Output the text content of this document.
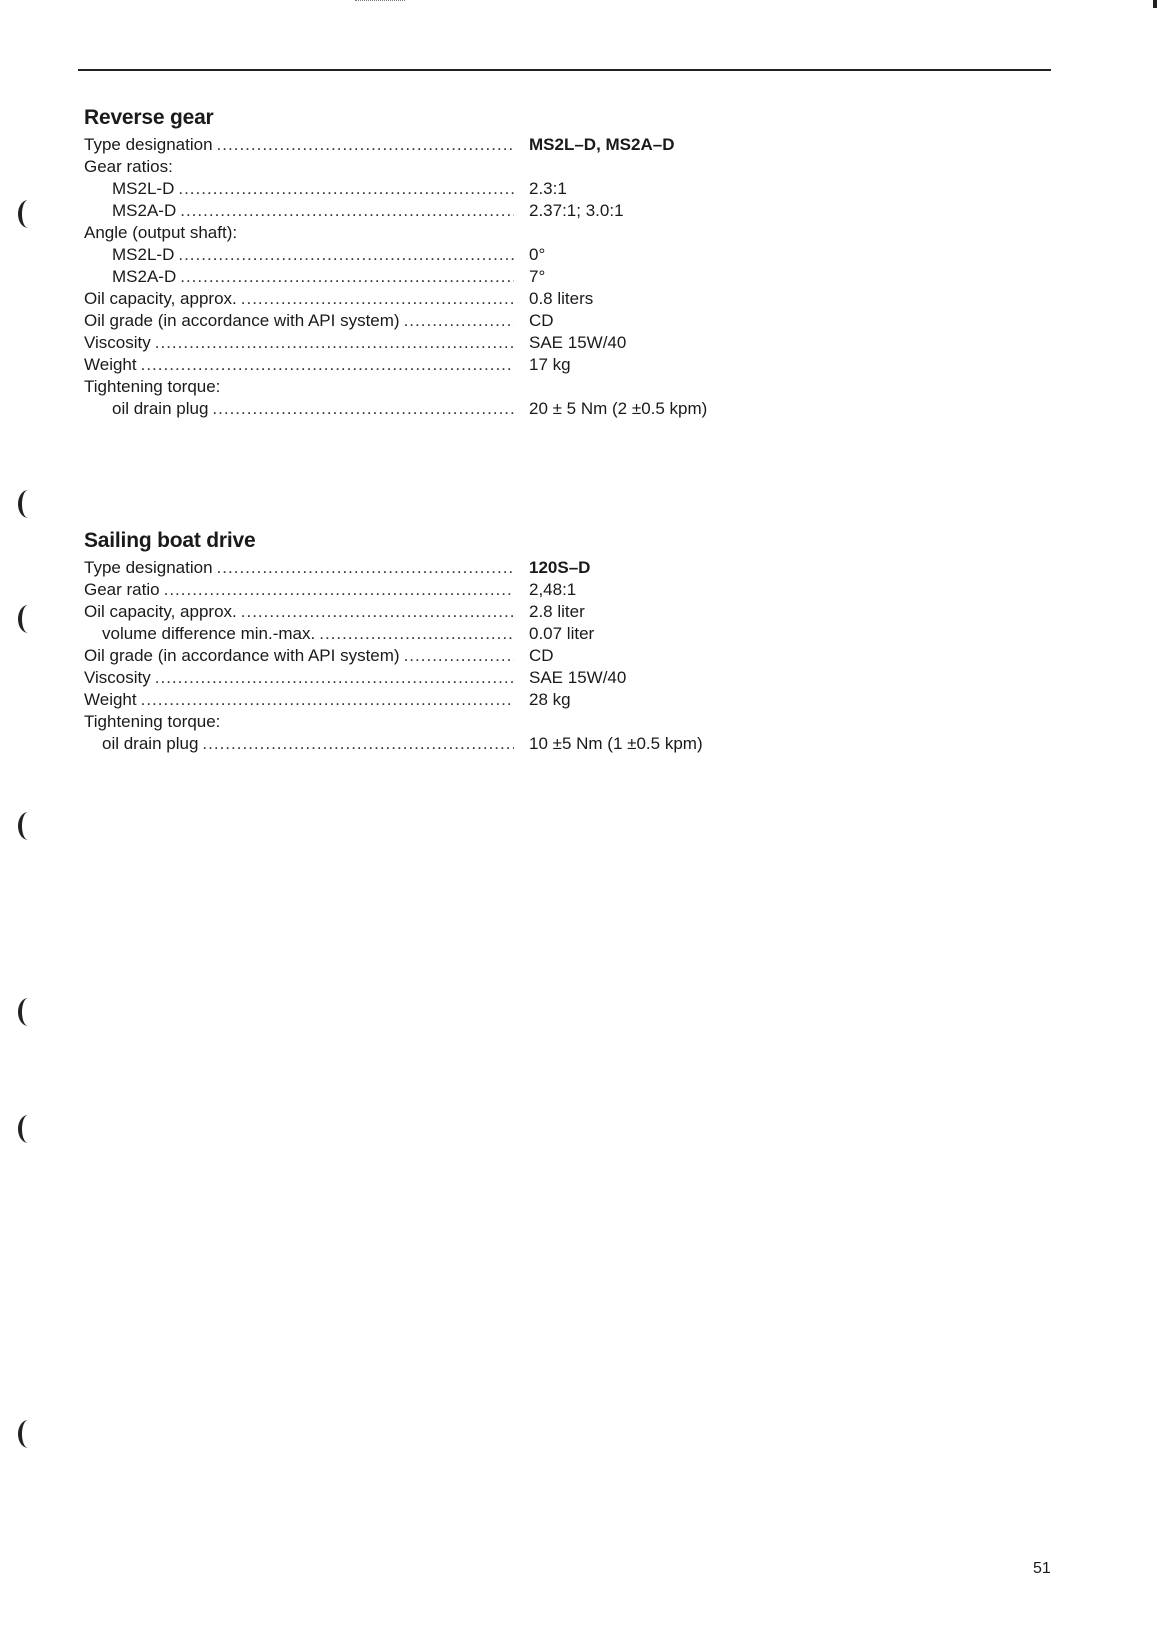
Reverse gear
Type designation .....	MS2L–D, MS2A–D
Gear ratios:
MS2L-D .....	2.3:1
MS2A-D .....	2.37:1; 3.0:1
Angle (output shaft):
MS2L-D .....	0°
MS2A-D .....	7°
Oil capacity, approx. .....	0.8 liters
Oil grade (in accordance with API system) .....	CD
Viscosity .....	SAE 15W/40
Weight .....	17 kg
Tightening torque:
oil drain plug .....	20 ± 5 Nm (2 ±0.5 kpm)
Sailing boat drive
Type designation .....	120S–D
Gear ratio .....	2,48:1
Oil capacity, approx. .....	2.8 liter
volume difference min.-max. .....	0.07 liter
Oil grade (in accordance with API system) .....	CD
Viscosity .....	SAE 15W/40
Weight .....	28 kg
Tightening torque:
oil drain plug .....	10 ±5 Nm (1 ±0.5 kpm)
51
